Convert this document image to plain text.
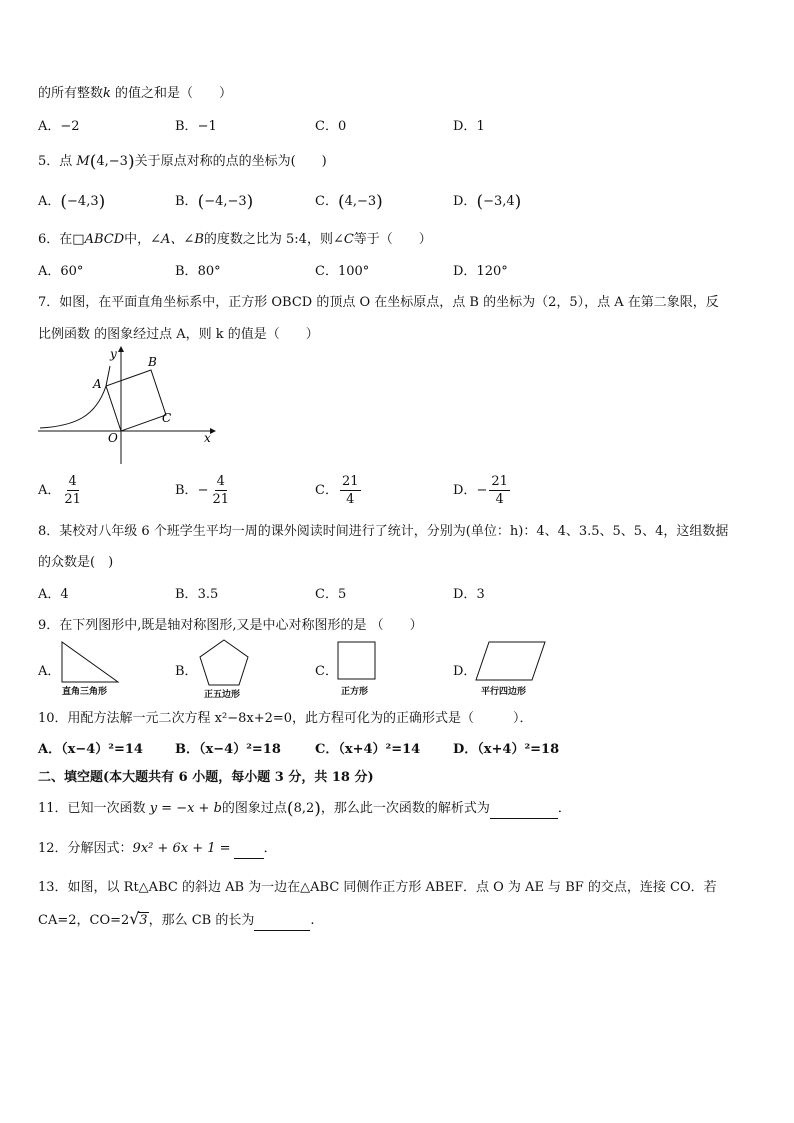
的所有整数k 的值之和是（　　）
A．−2	B．−1	C．0	D．1
5．点 M(4,−3)关于原点对称的点的坐标为(　　)
A．(−4,3)	B．(−4,−3)	C．(4,−3)	D．(−3,4)
6．在□ABCD中，∠A、∠B的度数之比为 5:4，则∠C等于（　　）
A．60°	B．80°	C．100°	D．120°
7．如图，在平面直角坐标系中，正方形 OBCD 的顶点 O 在坐标原点，点 B 的坐标为（2，5），点 A 在第二象限，反
比例函数 的图象经过点 A，则 k 的值是（　　）
y
x
A
B
C
O
A． $\frac{4}{21}$	B．− $\frac{4}{21}$	C． $\frac{21}{4}$	D．− $\frac{21}{4}$
8．某校对八年级 6 个班学生平均一周的课外阅读时间进行了统计，分别为(单位：h)：4、4、3.5、5、5、4，这组数据
的众数是(　)
A．4	B．3.5	C．5	D．3
9．在下列图形中,既是轴对称图形,又是中心对称图形的是 （　　）
A．
直角三角形
B．
正五边形
C．
正方形
D．
平行四边形
10．用配方法解一元二次方程 x²−8x+2=0，此方程可化为的正确形式是（　　　）．
A．（x−4）²=14 B．（x−4）²=18	C．（x+4）²=14	D．（x+4）²=18
二、填空题(本大题共有 6 小题，每小题 3 分，共 18 分)
11．已知一次函数 y = −x + b的图象过点(8,2)，那么此一次函数的解析式为	．
12．分解因式：9x² + 6x + 1 =	．
13．如图，以 Rt△ABC 的斜边 AB 为一边在△ABC 同侧作正方形 ABEF．点 O 为 AE 与 BF 的交点，连接 CO．若
CA=2，CO=2 √ 3，那么 CB 的长为	.
